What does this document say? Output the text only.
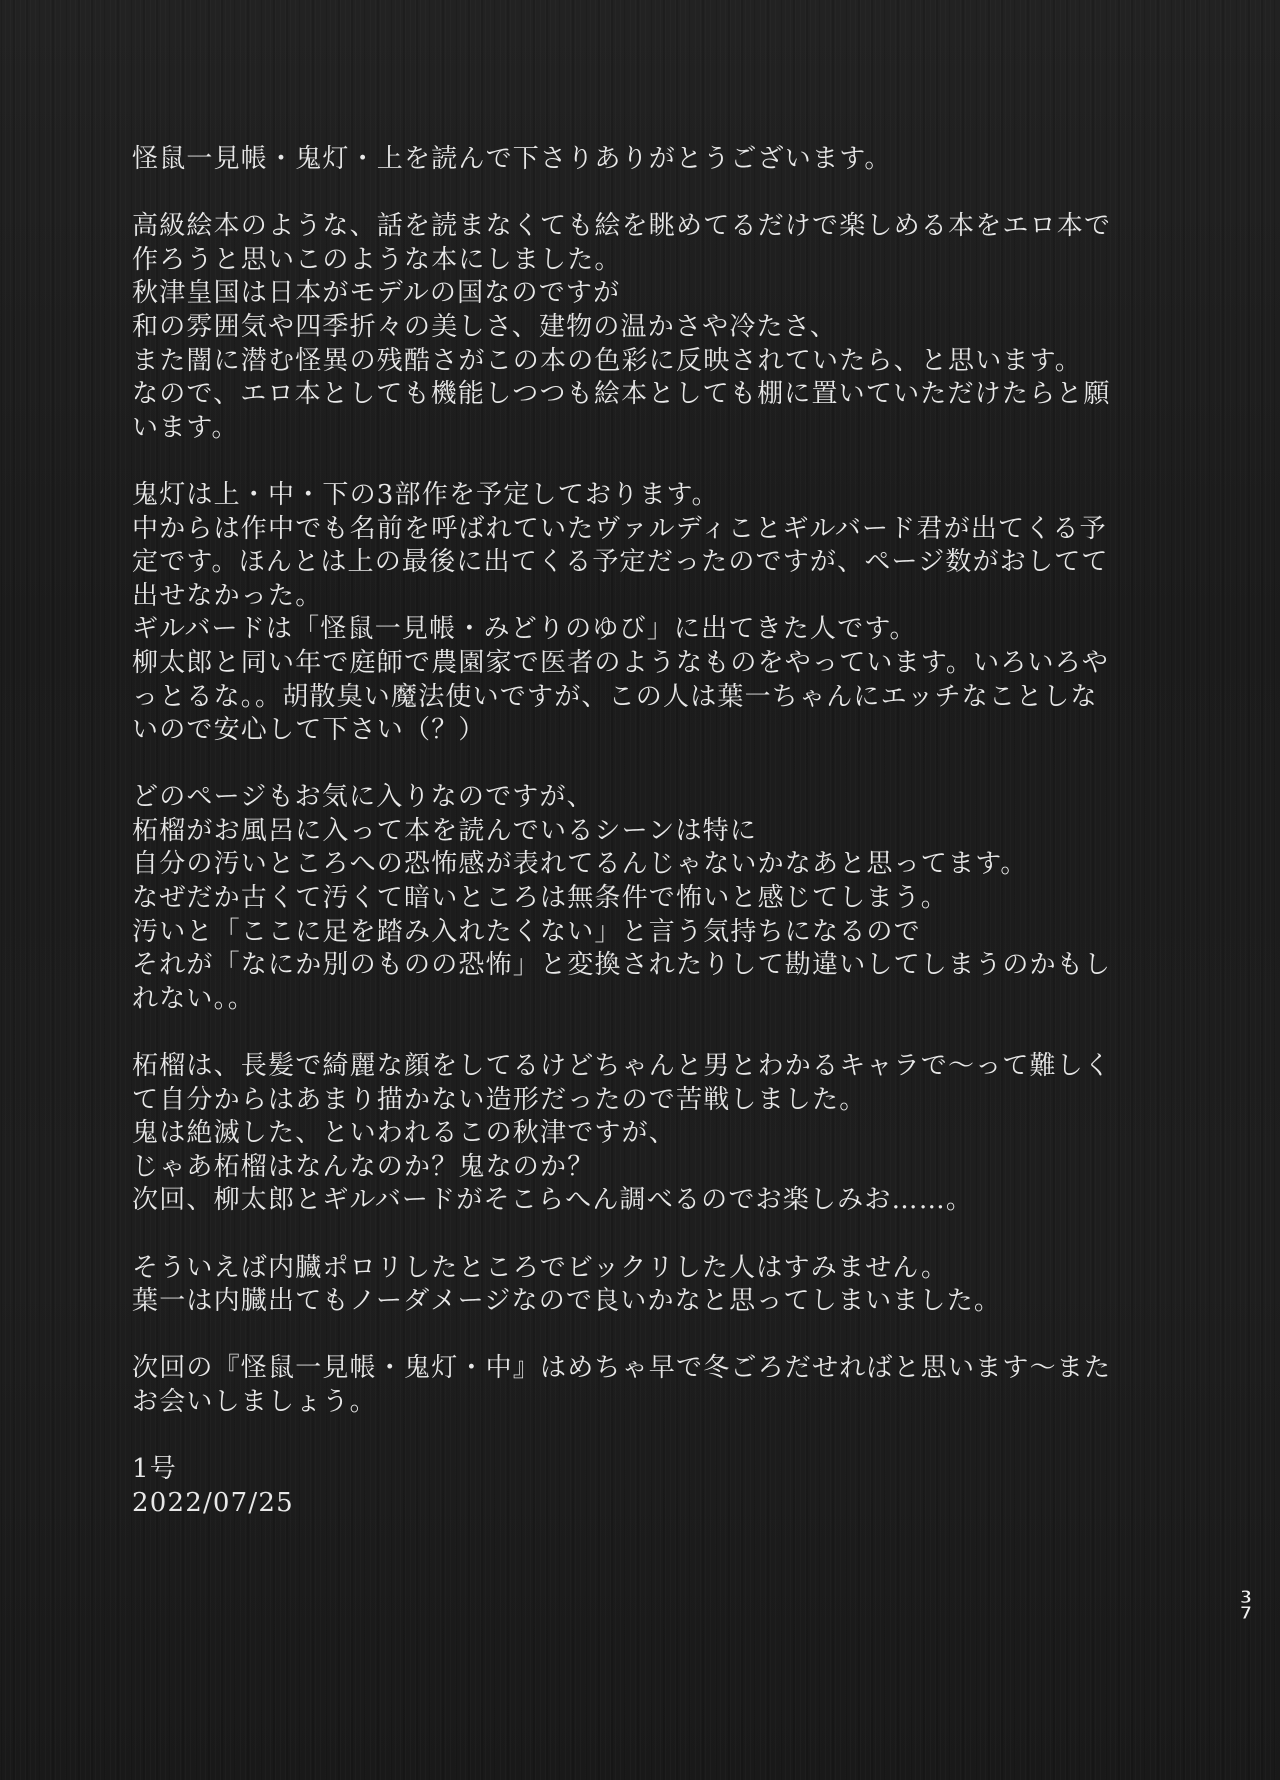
怪鼠一見帳・鬼灯・上を読んで下さりありがとうございます。
高級絵本のような、話を読まなくても絵を眺めてるだけで楽しめる本をエロ本で
作ろうと思いこのような本にしました。
秋津皇国は日本がモデルの国なのですが
和の雰囲気や四季折々の美しさ、建物の温かさや冷たさ、
また闇に潜む怪異の残酷さがこの本の色彩に反映されていたら、と思います。
なので、エロ本としても機能しつつも絵本としても棚に置いていただけたらと願
います。
鬼灯は上・中・下の3部作を予定しております。
中からは作中でも名前を呼ばれていたヴァルディことギルバード君が出てくる予
定です。ほんとは上の最後に出てくる予定だったのですが、ページ数がおしてて
出せなかった。
ギルバードは「怪鼠一見帳・みどりのゆび」に出てきた人です。
柳太郎と同い年で庭師で農園家で医者のようなものをやっています。いろいろや
っとるな。。胡散臭い魔法使いですが、この人は葉一ちゃんにエッチなことしな
いので安心して下さい（？）
どのページもお気に入りなのですが、
柘榴がお風呂に入って本を読んでいるシーンは特に
自分の汚いところへの恐怖感が表れてるんじゃないかなあと思ってます。
なぜだか古くて汚くて暗いところは無条件で怖いと感じてしまう。
汚いと「ここに足を踏み入れたくない」と言う気持ちになるので
それが「なにか別のものの恐怖」と変換されたりして勘違いしてしまうのかもし
れない。。
柘榴は、長髪で綺麗な顔をしてるけどちゃんと男とわかるキャラで〜って難しく
て自分からはあまり描かない造形だったので苦戦しました。
鬼は絶滅した、といわれるこの秋津ですが、
じゃあ柘榴はなんなのか？鬼なのか？
次回、柳太郎とギルバードがそこらへん調べるのでお楽しみお……。
そういえば内臓ポロリしたところでビックリした人はすみません。
葉一は内臓出てもノーダメージなので良いかなと思ってしまいました。
次回の『怪鼠一見帳・鬼灯・中』はめちゃ早で冬ごろだせればと思います〜また
お会いしましょう。
1号
2022/07/25
3
7
